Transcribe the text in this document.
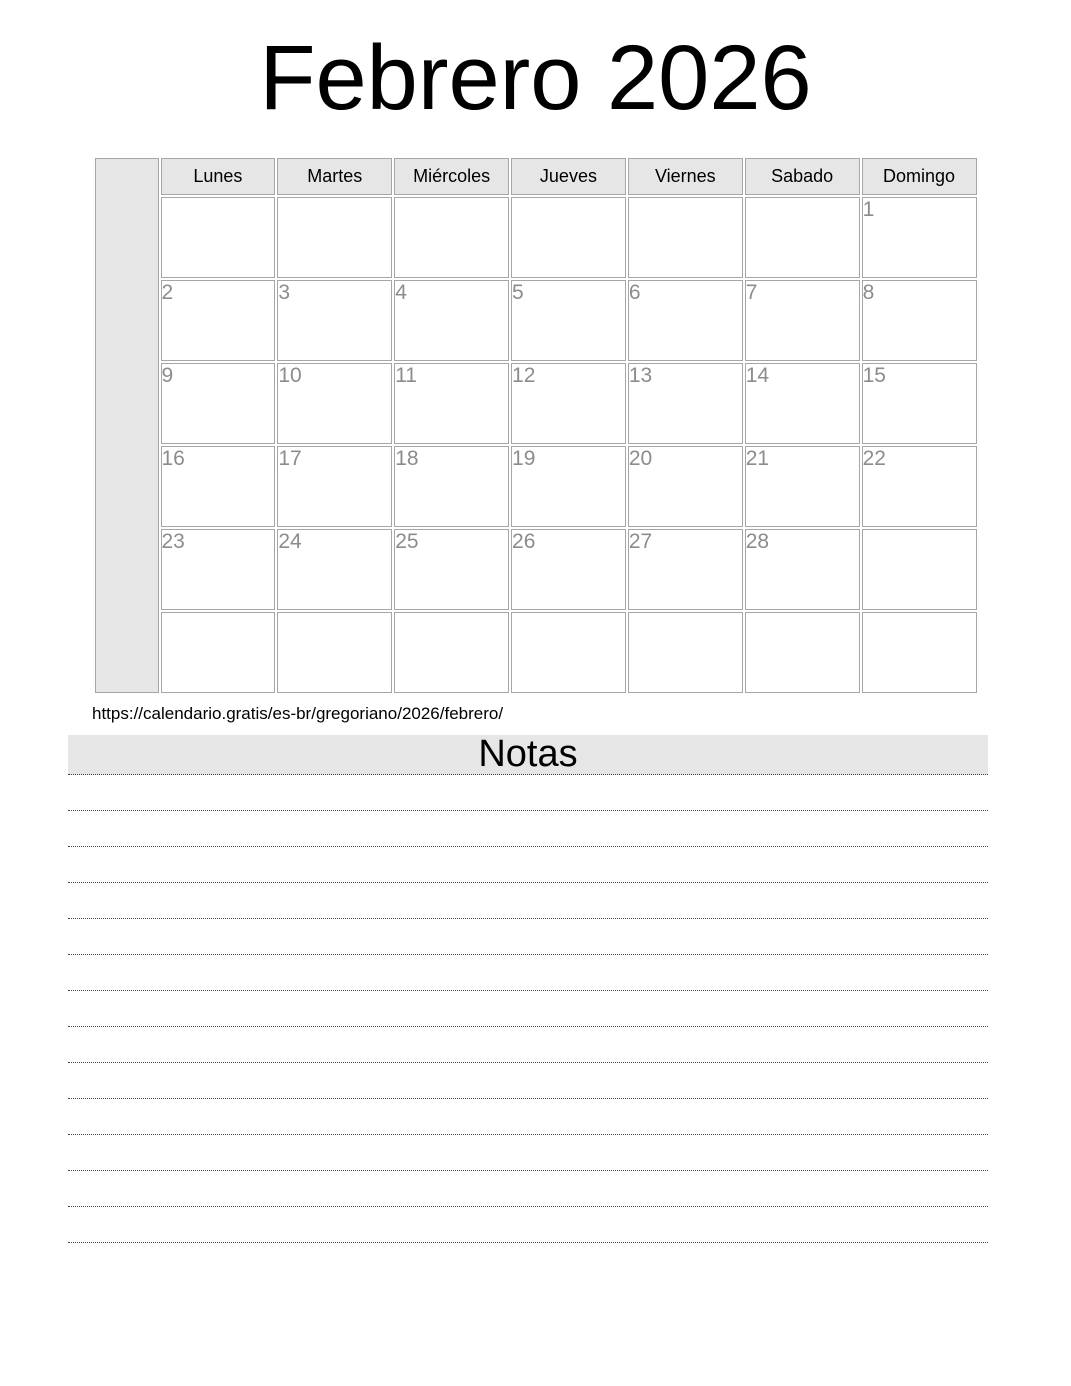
Febrero 2026
	Lunes	Martes	Miércoles	Jueves	Viernes	Sabado	Domingo
							1
	2	3	4	5	6	7	8
	9	10	11	12	13	14	15
	16	17	18	19	20	21	22
	23	24	25	26	27	28	

https://calendario.gratis/es-br/gregoriano/2026/febrero/
Notas
